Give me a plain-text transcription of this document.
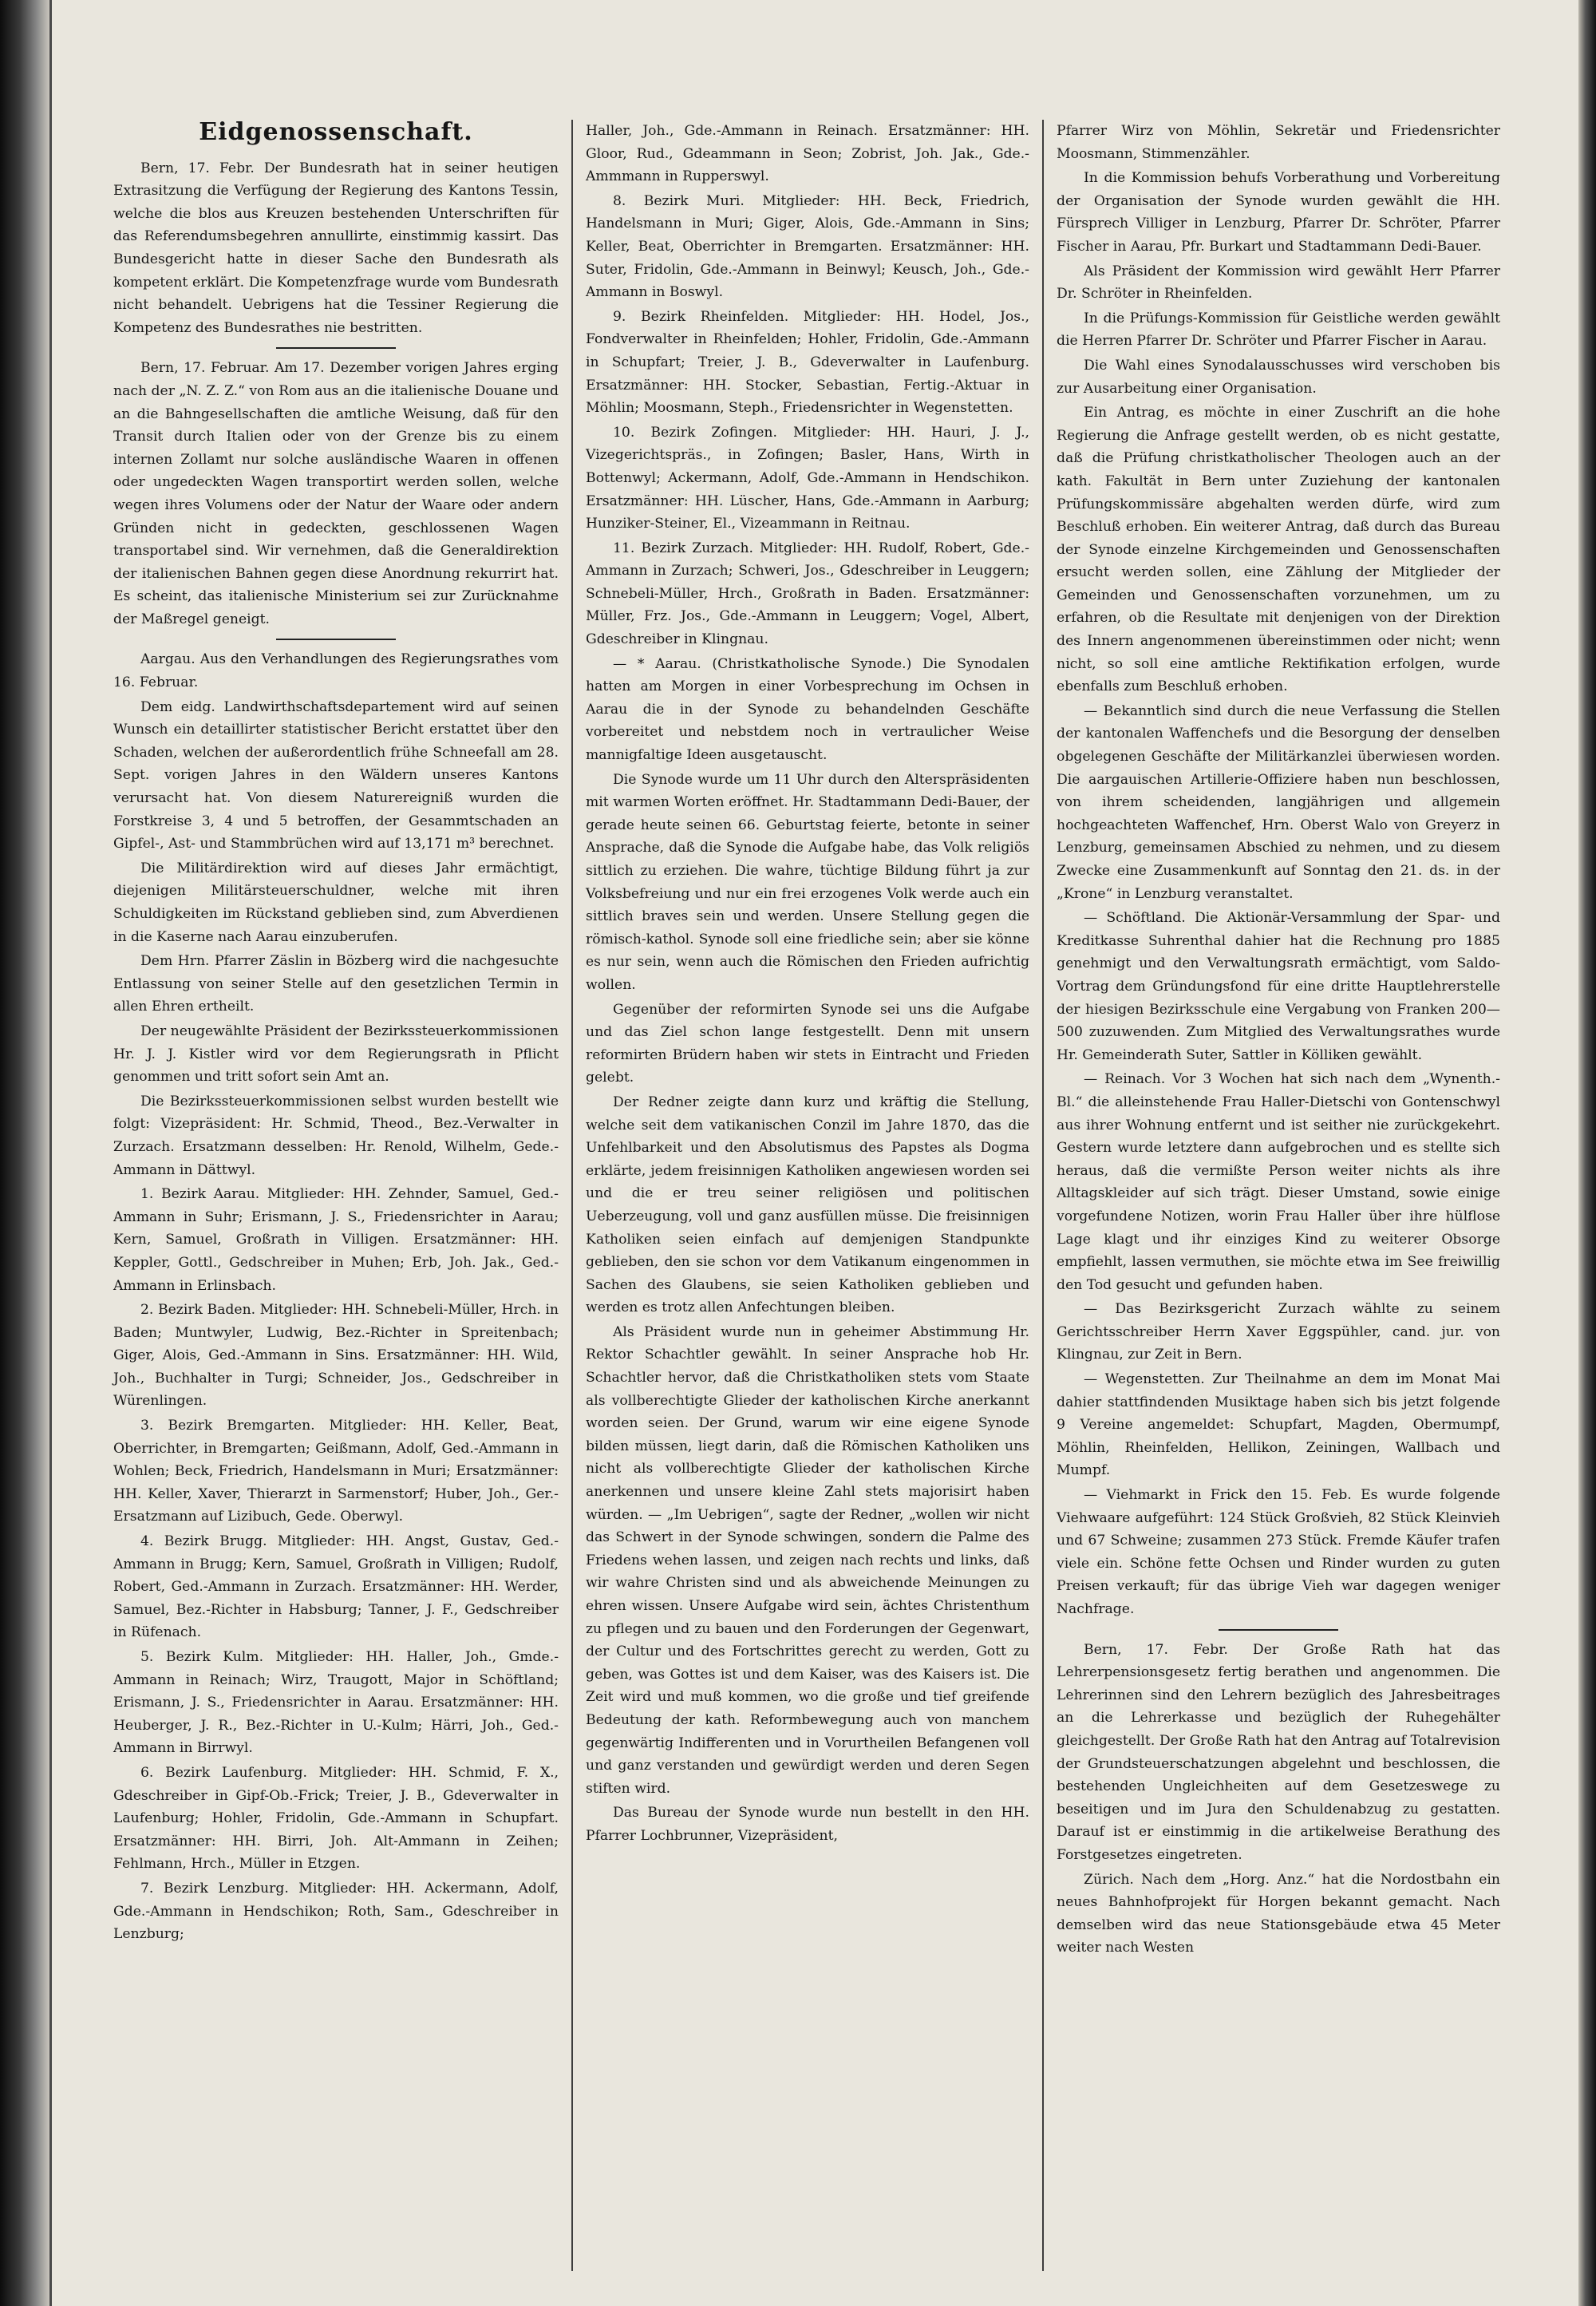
Eidgenossenschaft.

Bern, 17. Febr. Der Bundesrath hat in seiner heutigen Extrasitzung die Verfügung der Regierung des Kantons Tessin, welche die blos aus Kreuzen bestehenden Unterschriften für das Referendumsbegehren annullirte, einstimmig kassirt. Das Bundesgericht hatte in dieser Sache den Bundesrath als kompetent erklärt. Die Kompetenzfrage wurde vom Bundesrath nicht behandelt. Uebrigens hat die Tessiner Regierung die Kompetenz des Bundesrathes nie bestritten.

Bern, 17. Februar. Am 17. Dezember vorigen Jahres erging nach der „N. Z. Z.“ von Rom aus an die italienische Douane und an die Bahngesellschaften die amtliche Weisung, daß für den Transit durch Italien oder von der Grenze bis zu einem internen Zollamt nur solche ausländische Waaren in offenen oder ungedeckten Wagen transportirt werden sollen, welche wegen ihres Volumens oder der Natur der Waare oder andern Gründen nicht in gedeckten, geschlossenen Wagen transportabel sind. Wir vernehmen, daß die Generaldirektion der italienischen Bahnen gegen diese Anordnung rekurrirt hat. Es scheint, das italienische Ministerium sei zur Zurücknahme der Maßregel geneigt.

Aargau. Aus den Verhandlungen des Regierungsrathes vom 16. Februar.

Dem eidg. Landwirthschaftsdepartement wird auf seinen Wunsch ein detaillirter statistischer Bericht erstattet über den Schaden, welchen der außerordentlich frühe Schneefall am 28. Sept. vorigen Jahres in den Wäldern unseres Kantons verursacht hat. Von diesem Naturereigniß wurden die Forstkreise 3, 4 und 5 betroffen, der Gesammtschaden an Gipfel-, Ast- und Stammbrüchen wird auf 13,171 m³ berechnet.

Die Militärdirektion wird auf dieses Jahr ermächtigt, diejenigen Militärsteuerschuldner, welche mit ihren Schuldigkeiten im Rückstand geblieben sind, zum Abverdienen in die Kaserne nach Aarau einzuberufen.

Dem Hrn. Pfarrer Zäslin in Bözberg wird die nachgesuchte Entlassung von seiner Stelle auf den gesetzlichen Termin in allen Ehren ertheilt.

Der neugewählte Präsident der Bezirkssteuerkommissionen Hr. J. J. Kistler wird vor dem Regierungsrath in Pflicht genommen und tritt sofort sein Amt an.

Die Bezirkssteuerkommissionen selbst wurden bestellt wie folgt: Vizepräsident: Hr. Schmid, Theod., Bez.-Verwalter in Zurzach. Ersatzmann desselben: Hr. Renold, Wilhelm, Gede.-Ammann in Dättwyl.

1. Bezirk Aarau. Mitglieder: HH. Zehnder, Samuel, Ged.-Ammann in Suhr; Erismann, J. S., Friedensrichter in Aarau; Kern, Samuel, Großrath in Villigen. Ersatzmänner: HH. Keppler, Gottl., Gedschreiber in Muhen; Erb, Joh. Jak., Ged.-Ammann in Erlinsbach.

2. Bezirk Baden. Mitglieder: HH. Schnebeli-Müller, Hrch. in Baden; Muntwyler, Ludwig, Bez.-Richter in Spreitenbach; Giger, Alois, Ged.-Ammann in Sins. Ersatzmänner: HH. Wild, Joh., Buchhalter in Turgi; Schneider, Jos., Gedschreiber in Würenlingen.

3. Bezirk Bremgarten. Mitglieder: HH. Keller, Beat, Oberrichter, in Bremgarten; Geißmann, Adolf, Ged.-Ammann in Wohlen; Beck, Friedrich, Handelsmann in Muri; Ersatzmänner: HH. Keller, Xaver, Thierarzt in Sarmenstorf; Huber, Joh., Ger.-Ersatzmann auf Lizibuch, Gede. Oberwyl.

4. Bezirk Brugg. Mitglieder: HH. Angst, Gustav, Ged.-Ammann in Brugg; Kern, Samuel, Großrath in Villigen; Rudolf, Robert, Ged.-Ammann in Zurzach. Ersatzmänner: HH. Werder, Samuel, Bez.-Richter in Habsburg; Tanner, J. F., Gedschreiber in Rüfenach.

5. Bezirk Kulm. Mitglieder: HH. Haller, Joh., Gmde.-Ammann in Reinach; Wirz, Traugott, Major in Schöftland; Erismann, J. S., Friedensrichter in Aarau. Ersatzmänner: HH. Heuberger, J. R., Bez.-Richter in U.-Kulm; Härri, Joh., Ged.-Ammann in Birrwyl.

6. Bezirk Laufenburg. Mitglieder: HH. Schmid, F. X., Gdeschreiber in Gipf-Ob.-Frick; Treier, J. B., Gdeverwalter in Laufenburg; Hohler, Fridolin, Gde.-Ammann in Schupfart. Ersatzmänner: HH. Birri, Joh. Alt-Ammann in Zeihen; Fehlmann, Hrch., Müller in Etzgen.

7. Bezirk Lenzburg. Mitglieder: HH. Ackermann, Adolf, Gde.-Ammann in Hendschikon; Roth, Sam., Gdeschreiber in Lenzburg;

Haller, Joh., Gde.-Ammann in Reinach. Ersatzmänner: HH. Gloor, Rud., Gdeammann in Seon; Zobrist, Joh. Jak., Gde.-Ammmann in Rupperswyl.

8. Bezirk Muri. Mitglieder: HH. Beck, Friedrich, Handelsmann in Muri; Giger, Alois, Gde.-Ammann in Sins; Keller, Beat, Oberrichter in Bremgarten. Ersatzmänner: HH. Suter, Fridolin, Gde.-Ammann in Beinwyl; Keusch, Joh., Gde.-Ammann in Boswyl.

9. Bezirk Rheinfelden. Mitglieder: HH. Hodel, Jos., Fondverwalter in Rheinfelden; Hohler, Fridolin, Gde.-Ammann in Schupfart; Treier, J. B., Gdeverwalter in Laufenburg. Ersatzmänner: HH. Stocker, Sebastian, Fertig.-Aktuar in Möhlin; Moosmann, Steph., Friedensrichter in Wegenstetten.

10. Bezirk Zofingen. Mitglieder: HH. Hauri, J. J., Vizegerichtspräs., in Zofingen; Basler, Hans, Wirth in Bottenwyl; Ackermann, Adolf, Gde.-Ammann in Hendschikon. Ersatzmänner: HH. Lüscher, Hans, Gde.-Ammann in Aarburg; Hunziker-Steiner, El., Vizeammann in Reitnau.

11. Bezirk Zurzach. Mitglieder: HH. Rudolf, Robert, Gde.-Ammann in Zurzach; Schweri, Jos., Gdeschreiber in Leuggern; Schnebeli-Müller, Hrch., Großrath in Baden. Ersatzmänner: Müller, Frz. Jos., Gde.-Ammann in Leuggern; Vogel, Albert, Gdeschreiber in Klingnau.

— * Aarau. (Christkatholische Synode.) Die Synodalen hatten am Morgen in einer Vorbesprechung im Ochsen in Aarau die in der Synode zu behandelnden Geschäfte vorbereitet und nebstdem noch in vertraulicher Weise mannigfaltige Ideen ausgetauscht.

Die Synode wurde um 11 Uhr durch den Alterspräsidenten mit warmen Worten eröffnet. Hr. Stadtammann Dedi-Bauer, der gerade heute seinen 66. Geburtstag feierte, betonte in seiner Ansprache, daß die Synode die Aufgabe habe, das Volk religiös sittlich zu erziehen. Die wahre, tüchtige Bildung führt ja zur Volksbefreiung und nur ein frei erzogenes Volk werde auch ein sittlich braves sein und werden. Unsere Stellung gegen die römisch-kathol. Synode soll eine friedliche sein; aber sie könne es nur sein, wenn auch die Römischen den Frieden aufrichtig wollen.

Gegenüber der reformirten Synode sei uns die Aufgabe und das Ziel schon lange festgestellt. Denn mit unsern reformirten Brüdern haben wir stets in Eintracht und Frieden gelebt.

Der Redner zeigte dann kurz und kräftig die Stellung, welche seit dem vatikanischen Conzil im Jahre 1870, das die Unfehlbarkeit und den Absolutismus des Papstes als Dogma erklärte, jedem freisinnigen Katholiken angewiesen worden sei und die er treu seiner religiösen und politischen Ueberzeugung, voll und ganz ausfüllen müsse. Die freisinnigen Katholiken seien einfach auf demjenigen Standpunkte geblieben, den sie schon vor dem Vatikanum eingenommen in Sachen des Glaubens, sie seien Katholiken geblieben und werden es trotz allen Anfechtungen bleiben.

Als Präsident wurde nun in geheimer Abstimmung Hr. Rektor Schachtler gewählt. In seiner Ansprache hob Hr. Schachtler hervor, daß die Christkatholiken stets vom Staate als vollberechtigte Glieder der katholischen Kirche anerkannt worden seien. Der Grund, warum wir eine eigene Synode bilden müssen, liegt darin, daß die Römischen Katholiken uns nicht als vollberechtigte Glieder der katholischen Kirche anerkennen und unsere kleine Zahl stets majorisirt haben würden. — „Im Uebrigen“, sagte der Redner, „wollen wir nicht das Schwert in der Synode schwingen, sondern die Palme des Friedens wehen lassen, und zeigen nach rechts und links, daß wir wahre Christen sind und als abweichende Meinungen zu ehren wissen. Unsere Aufgabe wird sein, ächtes Christenthum zu pflegen und zu bauen und den Forderungen der Gegenwart, der Cultur und des Fortschrittes gerecht zu werden, Gott zu geben, was Gottes ist und dem Kaiser, was des Kaisers ist. Die Zeit wird und muß kommen, wo die große und tief greifende Bedeutung der kath. Reformbewegung auch von manchem gegenwärtig Indifferenten und in Vorurtheilen Befangenen voll und ganz verstanden und gewürdigt werden und deren Segen stiften wird.

Das Bureau der Synode wurde nun bestellt in den HH. Pfarrer Lochbrunner, Vizepräsident,

Pfarrer Wirz von Möhlin, Sekretär und Friedensrichter Moosmann, Stimmenzähler.

In die Kommission behufs Vorberathung und Vorbereitung der Organisation der Synode wurden gewählt die HH. Fürsprech Villiger in Lenzburg, Pfarrer Dr. Schröter, Pfarrer Fischer in Aarau, Pfr. Burkart und Stadtammann Dedi-Bauer.

Als Präsident der Kommission wird gewählt Herr Pfarrer Dr. Schröter in Rheinfelden.

In die Prüfungs-Kommission für Geistliche werden gewählt die Herren Pfarrer Dr. Schröter und Pfarrer Fischer in Aarau.

Die Wahl eines Synodalausschusses wird verschoben bis zur Ausarbeitung einer Organisation.

Ein Antrag, es möchte in einer Zuschrift an die hohe Regierung die Anfrage gestellt werden, ob es nicht gestatte, daß die Prüfung christkatholischer Theologen auch an der kath. Fakultät in Bern unter Zuziehung der kantonalen Prüfungskommissäre abgehalten werden dürfe, wird zum Beschluß erhoben. Ein weiterer Antrag, daß durch das Bureau der Synode einzelne Kirchgemeinden und Genossenschaften ersucht werden sollen, eine Zählung der Mitglieder der Gemeinden und Genossenschaften vorzunehmen, um zu erfahren, ob die Resultate mit denjenigen von der Direktion des Innern angenommenen übereinstimmen oder nicht; wenn nicht, so soll eine amtliche Rektifikation erfolgen, wurde ebenfalls zum Beschluß erhoben.

— Bekanntlich sind durch die neue Verfassung die Stellen der kantonalen Waffenchefs und die Besorgung der denselben obgelegenen Geschäfte der Militärkanzlei überwiesen worden. Die aargauischen Artillerie-Offiziere haben nun beschlossen, von ihrem scheidenden, langjährigen und allgemein hochgeachteten Waffenchef, Hrn. Oberst Walo von Greyerz in Lenzburg, gemeinsamen Abschied zu nehmen, und zu diesem Zwecke eine Zusammenkunft auf Sonntag den 21. ds. in der „Krone“ in Lenzburg veranstaltet.

— Schöftland. Die Aktionär-Versammlung der Spar- und Kreditkasse Suhrenthal dahier hat die Rechnung pro 1885 genehmigt und den Verwaltungsrath ermächtigt, vom Saldo-Vortrag dem Gründungsfond für eine dritte Hauptlehrerstelle der hiesigen Bezirksschule eine Vergabung von Franken 200—500 zuzuwenden. Zum Mitglied des Verwaltungsrathes wurde Hr. Gemeinderath Suter, Sattler in Kölliken gewählt.

— Reinach. Vor 3 Wochen hat sich nach dem „Wynenth.-Bl.“ die alleinstehende Frau Haller-Dietschi von Gontenschwyl aus ihrer Wohnung entfernt und ist seither nie zurückgekehrt. Gestern wurde letztere dann aufgebrochen und es stellte sich heraus, daß die vermißte Person weiter nichts als ihre Alltagskleider auf sich trägt. Dieser Umstand, sowie einige vorgefundene Notizen, worin Frau Haller über ihre hülflose Lage klagt und ihr einziges Kind zu weiterer Obsorge empfiehlt, lassen vermuthen, sie möchte etwa im See freiwillig den Tod gesucht und gefunden haben.

— Das Bezirksgericht Zurzach wählte zu seinem Gerichtsschreiber Herrn Xaver Eggspühler, cand. jur. von Klingnau, zur Zeit in Bern.

— Wegenstetten. Zur Theilnahme an dem im Monat Mai dahier stattfindenden Musiktage haben sich bis jetzt folgende 9 Vereine angemeldet: Schupfart, Magden, Obermumpf, Möhlin, Rheinfelden, Hellikon, Zeiningen, Wallbach und Mumpf.

— Viehmarkt in Frick den 15. Feb. Es wurde folgende Viehwaare aufgeführt: 124 Stück Großvieh, 82 Stück Kleinvieh und 67 Schweine; zusammen 273 Stück. Fremde Käufer trafen viele ein. Schöne fette Ochsen und Rinder wurden zu guten Preisen verkauft; für das übrige Vieh war dagegen weniger Nachfrage.

Bern, 17. Febr. Der Große Rath hat das Lehrerpensionsgesetz fertig berathen und angenommen. Die Lehrerinnen sind den Lehrern bezüglich des Jahresbeitrages an die Lehrerkasse und bezüglich der Ruhegehälter gleichgestellt. Der Große Rath hat den Antrag auf Totalrevision der Grundsteuerschatzungen abgelehnt und beschlossen, die bestehenden Ungleichheiten auf dem Gesetzeswege zu beseitigen und im Jura den Schuldenabzug zu gestatten. Darauf ist er einstimmig in die artikelweise Berathung des Forstgesetzes eingetreten.

Zürich. Nach dem „Horg. Anz.“ hat die Nordostbahn ein neues Bahnhofprojekt für Horgen bekannt gemacht. Nach demselben wird das neue Stationsgebäude etwa 45 Meter weiter nach Westen
